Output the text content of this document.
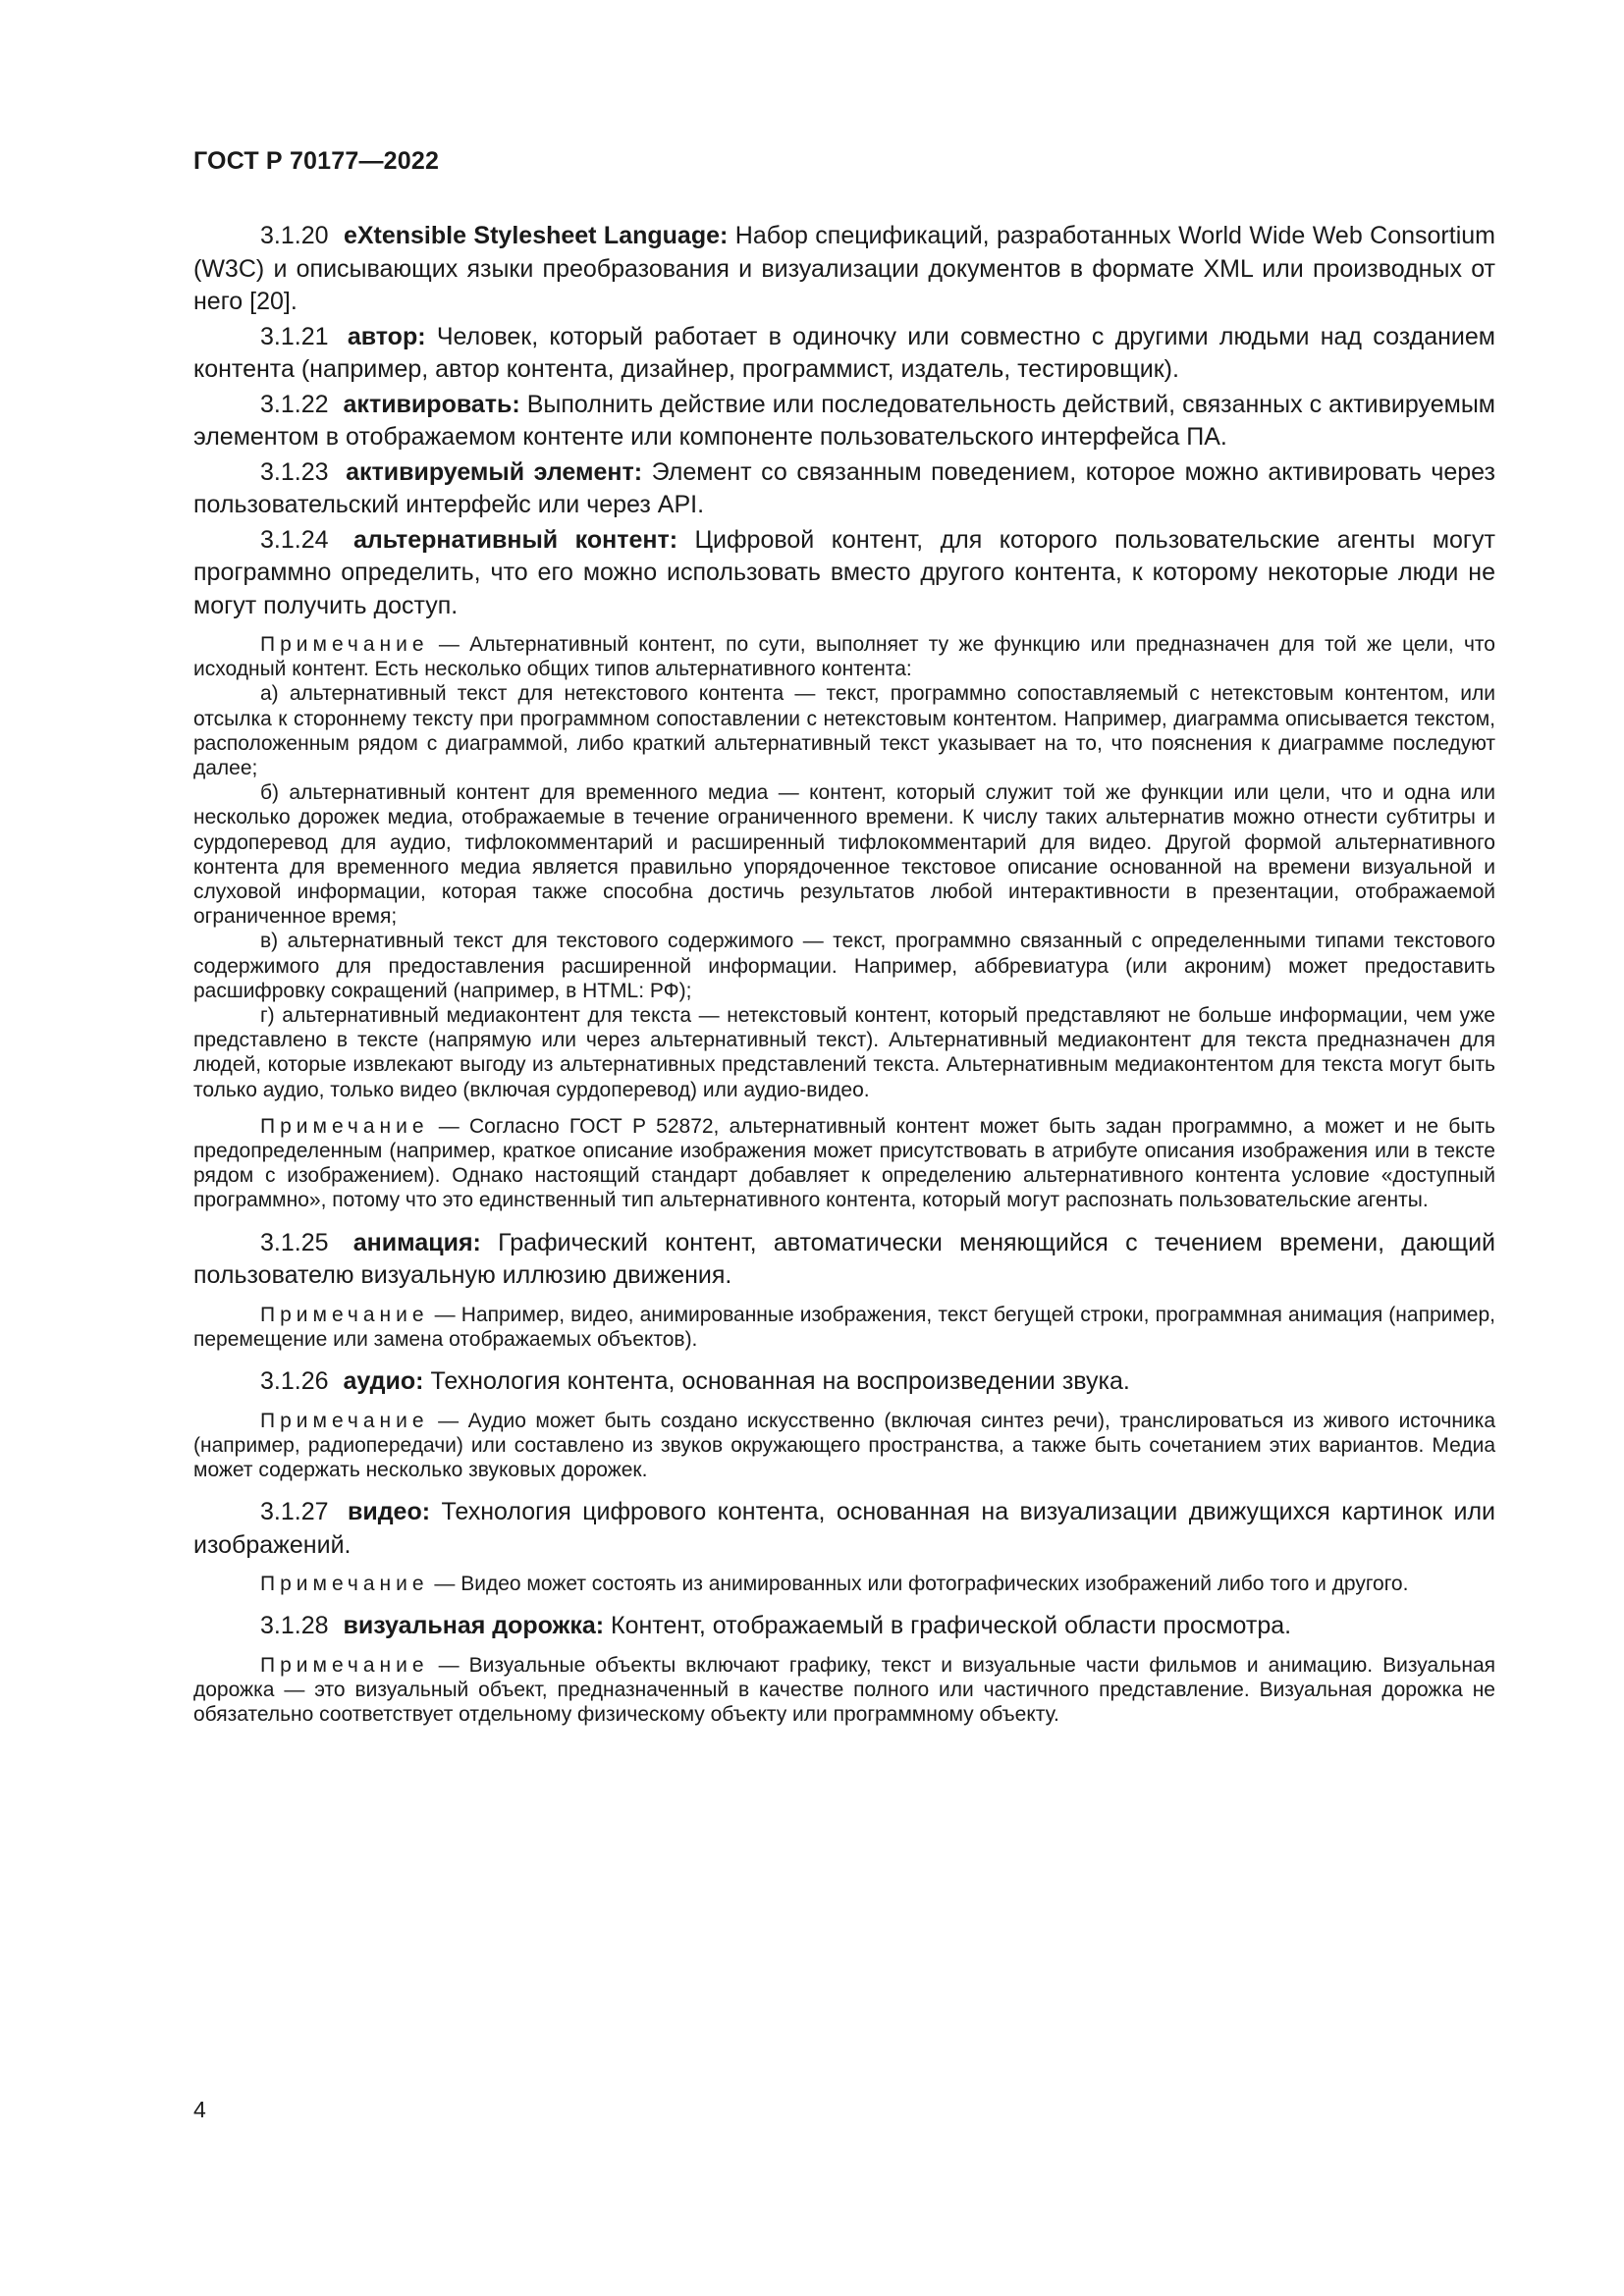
ГОСТ Р 70177—2022

3.1.20 eXtensible Stylesheet Language: Набор спецификаций, разработанных World Wide Web Consortium (W3C) и описывающих языки преобразования и визуализации документов в формате XML или производных от него [20].

3.1.21 автор: Человек, который работает в одиночку или совместно с другими людьми над созданием контента (например, автор контента, дизайнер, программист, издатель, тестировщик).

3.1.22 активировать: Выполнить действие или последовательность действий, связанных с активируемым элементом в отображаемом контенте или компоненте пользовательского интерфейса ПА.

3.1.23 активируемый элемент: Элемент со связанным поведением, которое можно активировать через пользовательский интерфейс или через API.

3.1.24 альтернативный контент: Цифровой контент, для которого пользовательские агенты могут программно определить, что его можно использовать вместо другого контента, к которому некоторые люди не могут получить доступ.

Примечание — Альтернативный контент, по сути, выполняет ту же функцию или предназначен для той же цели, что исходный контент. Есть несколько общих типов альтернативного контента:

а) альтернативный текст для нетекстового контента — текст, программно сопоставляемый с нетекстовым контентом, или отсылка к стороннему тексту при программном сопоставлении с нетекстовым контентом. Например, диаграмма описывается текстом, расположенным рядом с диаграммой, либо краткий альтернативный текст указывает на то, что пояснения к диаграмме последуют далее;

б) альтернативный контент для временного медиа — контент, который служит той же функции или цели, что и одна или несколько дорожек медиа, отображаемые в течение ограниченного времени. К числу таких альтернатив можно отнести субтитры и сурдоперевод для аудио, тифлокомментарий и расширенный тифлокомментарий для видео. Другой формой альтернативного контента для временного медиа является правильно упорядоченное текстовое описание основанной на времени визуальной и слуховой информации, которая также способна достичь результатов любой интерактивности в презентации, отображаемой ограниченное время;

в) альтернативный текст для текстового содержимого — текст, программно связанный с определенными типами текстового содержимого для предоставления расширенной информации. Например, аббревиатура (или акроним) может предоставить расшифровку сокращений (например, в HTML: РФ);

г) альтернативный медиаконтент для текста — нетекстовый контент, который представляют не больше информации, чем уже представлено в тексте (напрямую или через альтернативный текст). Альтернативный медиаконтент для текста предназначен для людей, которые извлекают выгоду из альтернативных представлений текста. Альтернативным медиаконтентом для текста могут быть только аудио, только видео (включая сурдоперевод) или аудио-видео.

Примечание — Согласно ГОСТ Р 52872, альтернативный контент может быть задан программно, а может и не быть предопределенным (например, краткое описание изображения может присутствовать в атрибуте описания изображения или в тексте рядом с изображением). Однако настоящий стандарт добавляет к определению альтернативного контента условие «доступный программно», потому что это единственный тип альтернативного контента, который могут распознать пользовательские агенты.

3.1.25 анимация: Графический контент, автоматически меняющийся с течением времени, дающий пользователю визуальную иллюзию движения.

Примечание — Например, видео, анимированные изображения, текст бегущей строки, программная анимация (например, перемещение или замена отображаемых объектов).

3.1.26 аудио: Технология контента, основанная на воспроизведении звука.

Примечание — Аудио может быть создано искусственно (включая синтез речи), транслироваться из живого источника (например, радиопередачи) или составлено из звуков окружающего пространства, а также быть сочетанием этих вариантов. Медиа может содержать несколько звуковых дорожек.

3.1.27 видео: Технология цифрового контента, основанная на визуализации движущихся картинок или изображений.

Примечание — Видео может состоять из анимированных или фотографических изображений либо того и другого.

3.1.28 визуальная дорожка: Контент, отображаемый в графической области просмотра.

Примечание — Визуальные объекты включают графику, текст и визуальные части фильмов и анимацию. Визуальная дорожка — это визуальный объект, предназначенный в качестве полного или частичного представление. Визуальная дорожка не обязательно соответствует отдельному физическому объекту или программному объекту.

4
